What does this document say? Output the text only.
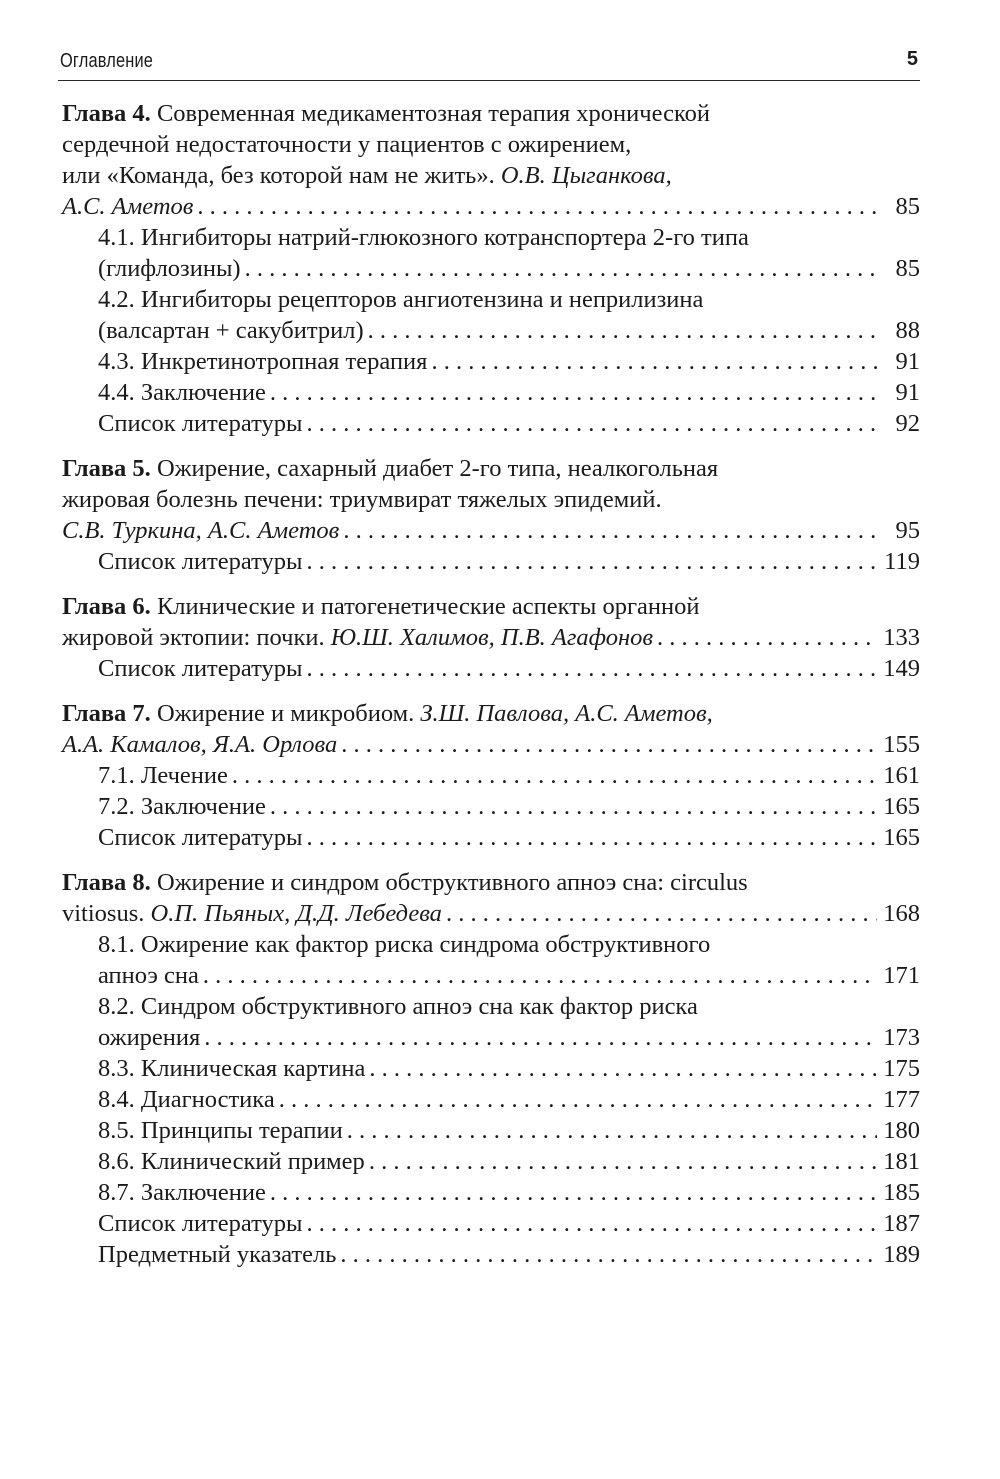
Оглавление	5
Глава 4. Современная медикаментозная терапия хронической
сердечной недостаточности у пациентов с ожирением,
или «Команда, без которой нам не жить». О.В. Цыганкова,
А.С. Аметов . . .	85
4.1. Ингибиторы натрий-глюкозного котранспортера 2-го типа
(глифлозины) . . .	85
4.2. Ингибиторы рецепторов ангиотензина и неприлизина
(валсартан + сакубитрил) . . .	88
4.3. Инкретинотропная терапия . . .	91
4.4. Заключение . . .	91
Список литературы . . .	92
Глава 5. Ожирение, сахарный диабет 2-го типа, неалкогольная
жировая болезнь печени: триумвират тяжелых эпидемий.
С.В. Туркина, А.С. Аметов . . .	95
Список литературы . . .	119
Глава 6. Клинические и патогенетические аспекты органной
жировой эктопии: почки. Ю.Ш. Халимов, П.В. Агафонов . . .	133
Список литературы . . .	149
Глава 7. Ожирение и микробиом. З.Ш. Павлова, А.С. Аметов,
А.А. Камалов, Я.А. Орлова . . .	155
7.1. Лечение . . .	161
7.2. Заключение . . .	165
Список литературы . . .	165
Глава 8. Ожирение и синдром обструктивного апноэ сна: circulus
vitiosus. О.П. Пьяных, Д.Д. Лебедева . . .	168
8.1. Ожирение как фактор риска синдрома обструктивного
апноэ сна . . .	171
8.2. Синдром обструктивного апноэ сна как фактор риска
ожирения . . .	173
8.3. Клиническая картина . . .	175
8.4. Диагностика . . .	177
8.5. Принципы терапии . . .	180
8.6. Клинический пример . . .	181
8.7. Заключение . . .	185
Список литературы . . .	187
Предметный указатель . . .	189
